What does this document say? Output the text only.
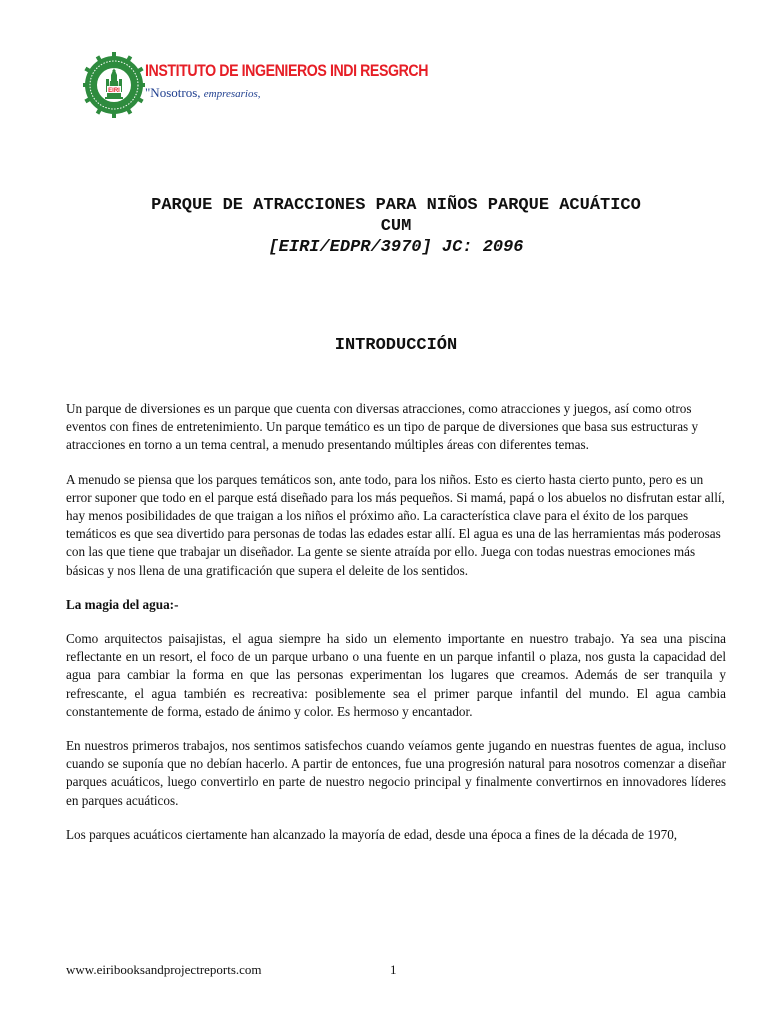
EIRI
INSTITUTO DE INGENIEROS INDI RESGRCH
"Nosotros, empresarios,
PARQUE DE ATRACCIONES PARA NIÑOS PARQUE ACUÁTICO
CUM
[EIRI/EDPR/3970] JC: 2096
INTRODUCCIÓN

Un parque de diversiones es un parque que cuenta con diversas atracciones, como atracciones y juegos, así como otros eventos con fines de entretenimiento. Un parque temático es un tipo de parque de diversiones que basa sus estructuras y atracciones en torno a un tema central, a menudo presentando múltiples áreas con diferentes temas.

A menudo se piensa que los parques temáticos son, ante todo, para los niños. Esto es cierto hasta cierto punto, pero es un error suponer que todo en el parque está diseñado para los más pequeños. Si mamá, papá o los abuelos no disfrutan estar allí, hay menos posibilidades de que traigan a los niños el próximo año. La característica clave para el éxito de los parques temáticos es que sea divertido para personas de todas las edades estar allí. El agua es una de las herramientas más poderosas con las que tiene que trabajar un diseñador. La gente se siente atraída por ello. Juega con todas nuestras emociones más básicas y nos llena de una gratificación que supera el deleite de los sentidos.

La magia del agua:-

Como arquitectos paisajistas, el agua siempre ha sido un elemento importante en nuestro trabajo. Ya sea una piscina reflectante en un resort, el foco de un parque urbano o una fuente en un parque infantil o plaza, nos gusta la capacidad del agua para cambiar la forma en que las personas experimentan los lugares que creamos. Además de ser tranquila y refrescante, el agua también es recreativa: posiblemente sea el primer parque infantil del mundo. El agua cambia constantemente de forma, estado de ánimo y color. Es hermoso y encantador.

En nuestros primeros trabajos, nos sentimos satisfechos cuando veíamos gente jugando en nuestras fuentes de agua, incluso cuando se suponía que no debían hacerlo. A partir de entonces, fue una progresión natural para nosotros comenzar a diseñar parques acuáticos, luego convertirlo en parte de nuestro negocio principal y finalmente convertirnos en innovadores líderes en parques acuáticos.

Los parques acuáticos ciertamente han alcanzado la mayoría de edad, desde una época a fines de la década de 1970,

www.eiribooksandprojectreports.com	1
